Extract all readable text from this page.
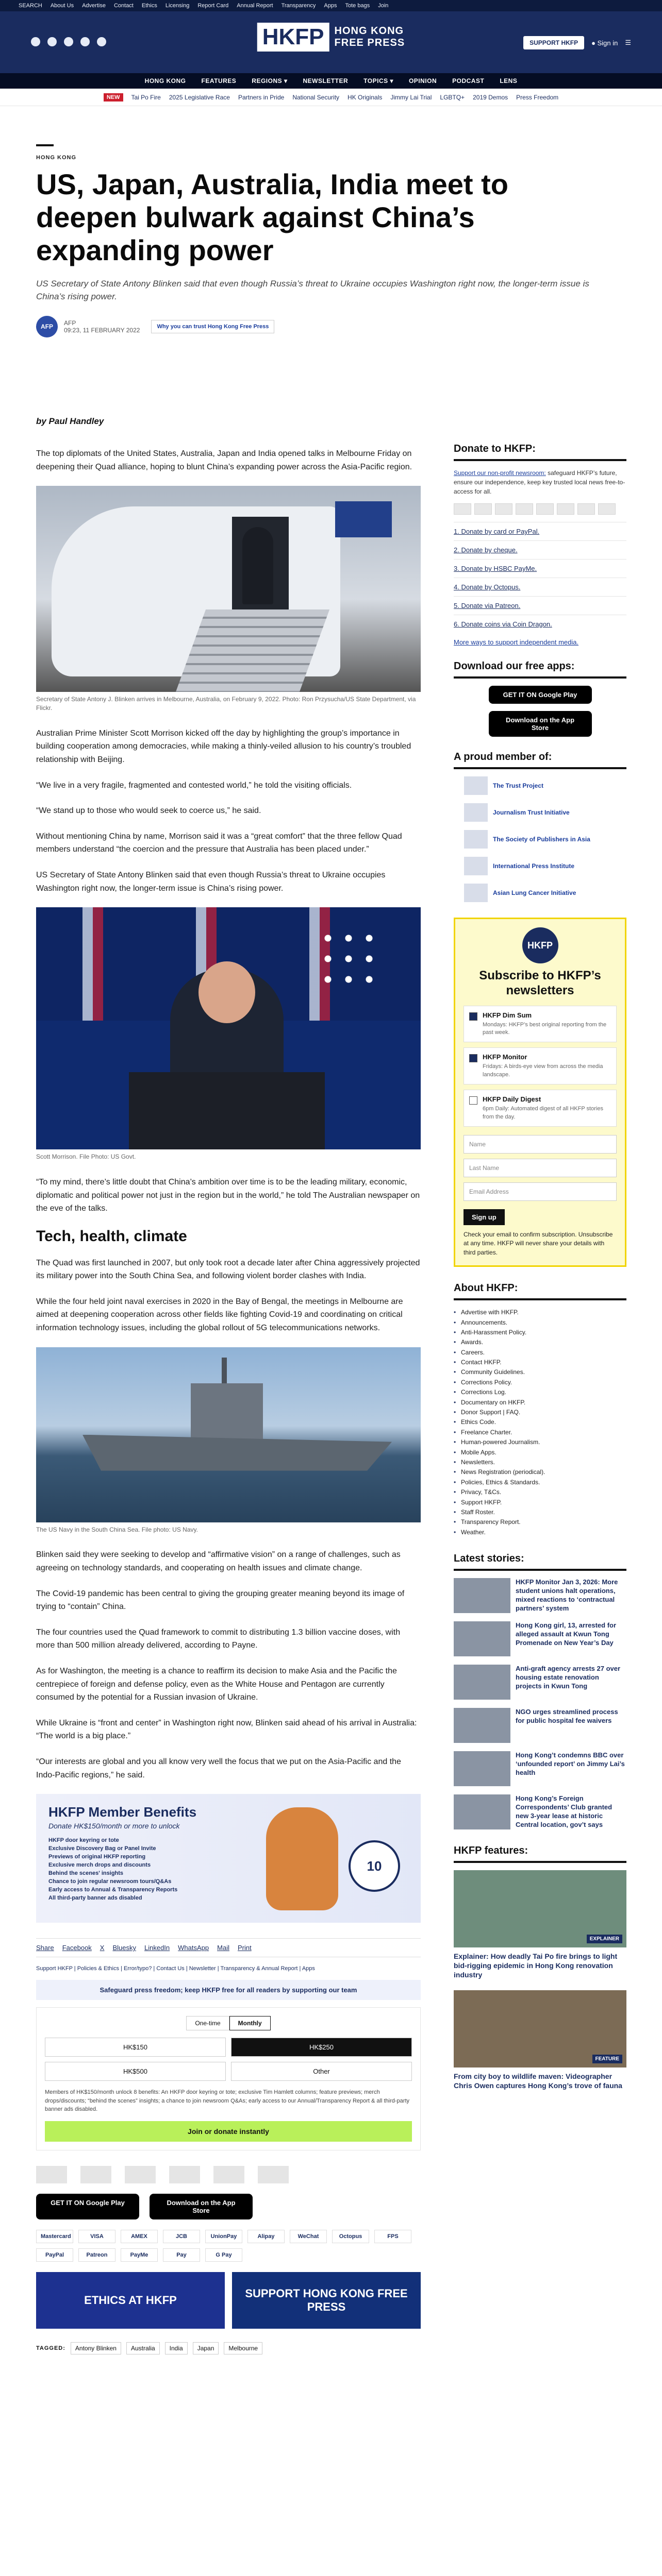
SEARCH About Us Advertise Contact Ethics Licensing Report Card Annual Report Transparency Apps Tote bags Join
HKFP	HONG KONG
FREE PRESS	SUPPORT HKFP	● Sign in ☰
HONG KONG	FEATURES	REGIONS ▾	NEWSLETTER	TOPICS ▾	OPINION	PODCAST	LENS
NEW	Tai Po Fire 2025 Legislative Race Partners in Pride National Security HK Originals Jimmy Lai Trial LGBTQ+ 2019 Demos Press Freedom
HONG KONG
US, Japan, Australia, India meet to deepen bulwark against China’s expanding power

US Secretary of State Antony Blinken said that even though Russia’s threat to Ukraine occupies Washington right now, the longer-term issue is China’s rising power.

AFP	AFP
09:23, 11 FEBRUARY 2022	Why you can trust Hong Kong Free Press
by Paul Handley

The top diplomats of the United States, Australia, Japan and India opened talks in Melbourne Friday on deepening their Quad alliance, hoping to blunt China’s expanding power across the Asia-Pacific region.

Secretary of State Antony J. Blinken arrives in Melbourne, Australia, on February 9, 2022. Photo: Ron Przysucha/US State Department, via Flickr.

Australian Prime Minister Scott Morrison kicked off the day by highlighting the group’s importance in building cooperation among democracies, while making a thinly-veiled allusion to his country’s troubled relationship with Beijing.

“We live in a very fragile, fragmented and contested world,” he told the visiting officials.

“We stand up to those who would seek to coerce us,” he said.

Without mentioning China by name, Morrison said it was a “great comfort” that the three fellow Quad members understand “the coercion and the pressure that Australia has been placed under.”

US Secretary of State Antony Blinken said that even though Russia’s threat to Ukraine occupies Washington right now, the longer-term issue is China’s rising power.

Scott Morrison. File Photo: US Govt.

“To my mind, there’s little doubt that China’s ambition over time is to be the leading military, economic, diplomatic and political power not just in the region but in the world,” he told The Australian newspaper on the eve of the talks.

Tech, health, climate

The Quad was first launched in 2007, but only took root a decade later after China aggressively projected its military power into the South China Sea, and following violent border clashes with India.

While the four held joint naval exercises in 2020 in the Bay of Bengal, the meetings in Melbourne are aimed at deepening cooperation across other fields like fighting Covid-19 and coordinating on critical information technology issues, including the global rollout of 5G telecommunications networks.

The US Navy in the South China Sea. File photo: US Navy.

Blinken said they were seeking to develop and “affirmative vision” on a range of challenges, such as agreeing on technology standards, and cooperating on health issues and climate change.

The Covid-19 pandemic has been central to giving the grouping greater meaning beyond its image of trying to “contain” China.

The four countries used the Quad framework to commit to distributing 1.3 billion vaccine doses, with more than 500 million already delivered, according to Payne.

As for Washington, the meeting is a chance to reaffirm its decision to make Asia and the Pacific the centrepiece of foreign and defense policy, even as the White House and Pentagon are currently consumed by the potential for a Russian invasion of Ukraine.

While Ukraine is “front and center” in Washington right now, Blinken said ahead of his arrival in Australia: “The world is a big place.”

“Our interests are global and you all know very well the focus that we put on the Asia-Pacific and the Indo-Pacific regions,” he said.

HKFP Member Benefits
Donate HK$150/month or more to unlock
HKFP door keyring or tote
Exclusive Discovery Bag or Panel Invite
Previews of original HKFP reporting
Exclusive merch drops and discounts
Behind the scenes' insights
Chance to join regular newsroom tours/Q&As
Early access to Annual & Transparency Reports
All third-party banner ads disabled
10
Share Facebook X Bluesky LinkedIn WhatsApp Mail Print
Support HKFP | Policies & Ethics | Error/typo? | Contact Us | Newsletter | Transparency & Annual Report | Apps
Safeguard press freedom; keep HKFP free for all readers by supporting our team
One-time	Monthly
HK$150	HK$250
HK$500	Other
Members of HK$150/month unlock 8 benefits: An HKFP door keyring or tote; exclusive Tim Hamlett columns; feature previews; merch drops/discounts; “behind the scenes” insights; a chance to join newsroom Q&As; early access to our Annual/Transparency Report & all third-party banner ads disabled.
Join or donate instantly
GET IT ON Google Play	Download on the App Store
Mastercard	VISA	AMEX	JCB	UnionPay	Alipay	WeChat	Octopus	FPS
PayPal	Patreon	PayMe	Pay	G Pay
ETHICS AT HKFP
SUPPORT HONG KONG FREE PRESS
TAGGED:	Antony Blinken	Australia	India	Japan	Melbourne
Donate to HKFP:
Support our non-profit newsroom: safeguard HKFP’s future, ensure our independence, keep key trusted local news free-to-access for all.
1. Donate by card or PayPal.
2. Donate by cheque.
3. Donate by HSBC PayMe.
4. Donate by Octopus.
5. Donate via Patreon.
6. Donate coins via Coin Dragon.
More ways to support independent media.
Download our free apps:
GET IT ON Google Play
Download on the App Store
A proud member of:
The Trust Project
Journalism Trust Initiative
The Society of Publishers in Asia
International Press Institute
Asian Lung Cancer Initiative
HKFP
Subscribe to HKFP’s newsletters
HKFP Dim Sum
Mondays: HKFP’s best original reporting from the past week.
HKFP Monitor
Fridays: A birds-eye view from across the media landscape.
HKFP Daily Digest
6pm Daily: Automated digest of all HKFP stories from the day.
Name
Last Name
Email Address
Sign up
Check your email to confirm subscription. Unsubscribe at any time. HKFP will never share your details with third parties.
About HKFP:
• Advertise with HKFP.
• Announcements.
• Anti-Harassment Policy.
• Awards.
• Careers.
• Contact HKFP.
• Community Guidelines.
• Corrections Policy.
• Corrections Log.
• Documentary on HKFP.
• Donor Support | FAQ.
• Ethics Code.
• Freelance Charter.
• Human-powered Journalism.
• Mobile Apps.
• Newsletters.
• News Registration (periodical).
• Policies, Ethics & Standards.
• Privacy, T&Cs.
• Support HKFP.
• Staff Roster.
• Transparency Report.
• Weather.
Latest stories:
HKFP Monitor Jan 3, 2026: More student unions halt operations, mixed reactions to ‘contractual partners’ system
Hong Kong girl, 13, arrested for alleged assault at Kwun Tong Promenade on New Year’s Day
Anti-graft agency arrests 27 over housing estate renovation projects in Kwun Tong
NGO urges streamlined process for public hospital fee waivers
Hong Kong’t condemns BBC over ‘unfounded report’ on Jimmy Lai’s health
Hong Kong’s Foreign Correspondents’ Club granted new 3-year lease at historic Central location, gov’t says
HKFP features:
EXPLAINER
Explainer: How deadly Tai Po fire brings to light bid-rigging epidemic in Hong Kong renovation industry
FEATURE
From city boy to wildlife maven: Videographer Chris Owen captures Hong Kong’s trove of fauna
